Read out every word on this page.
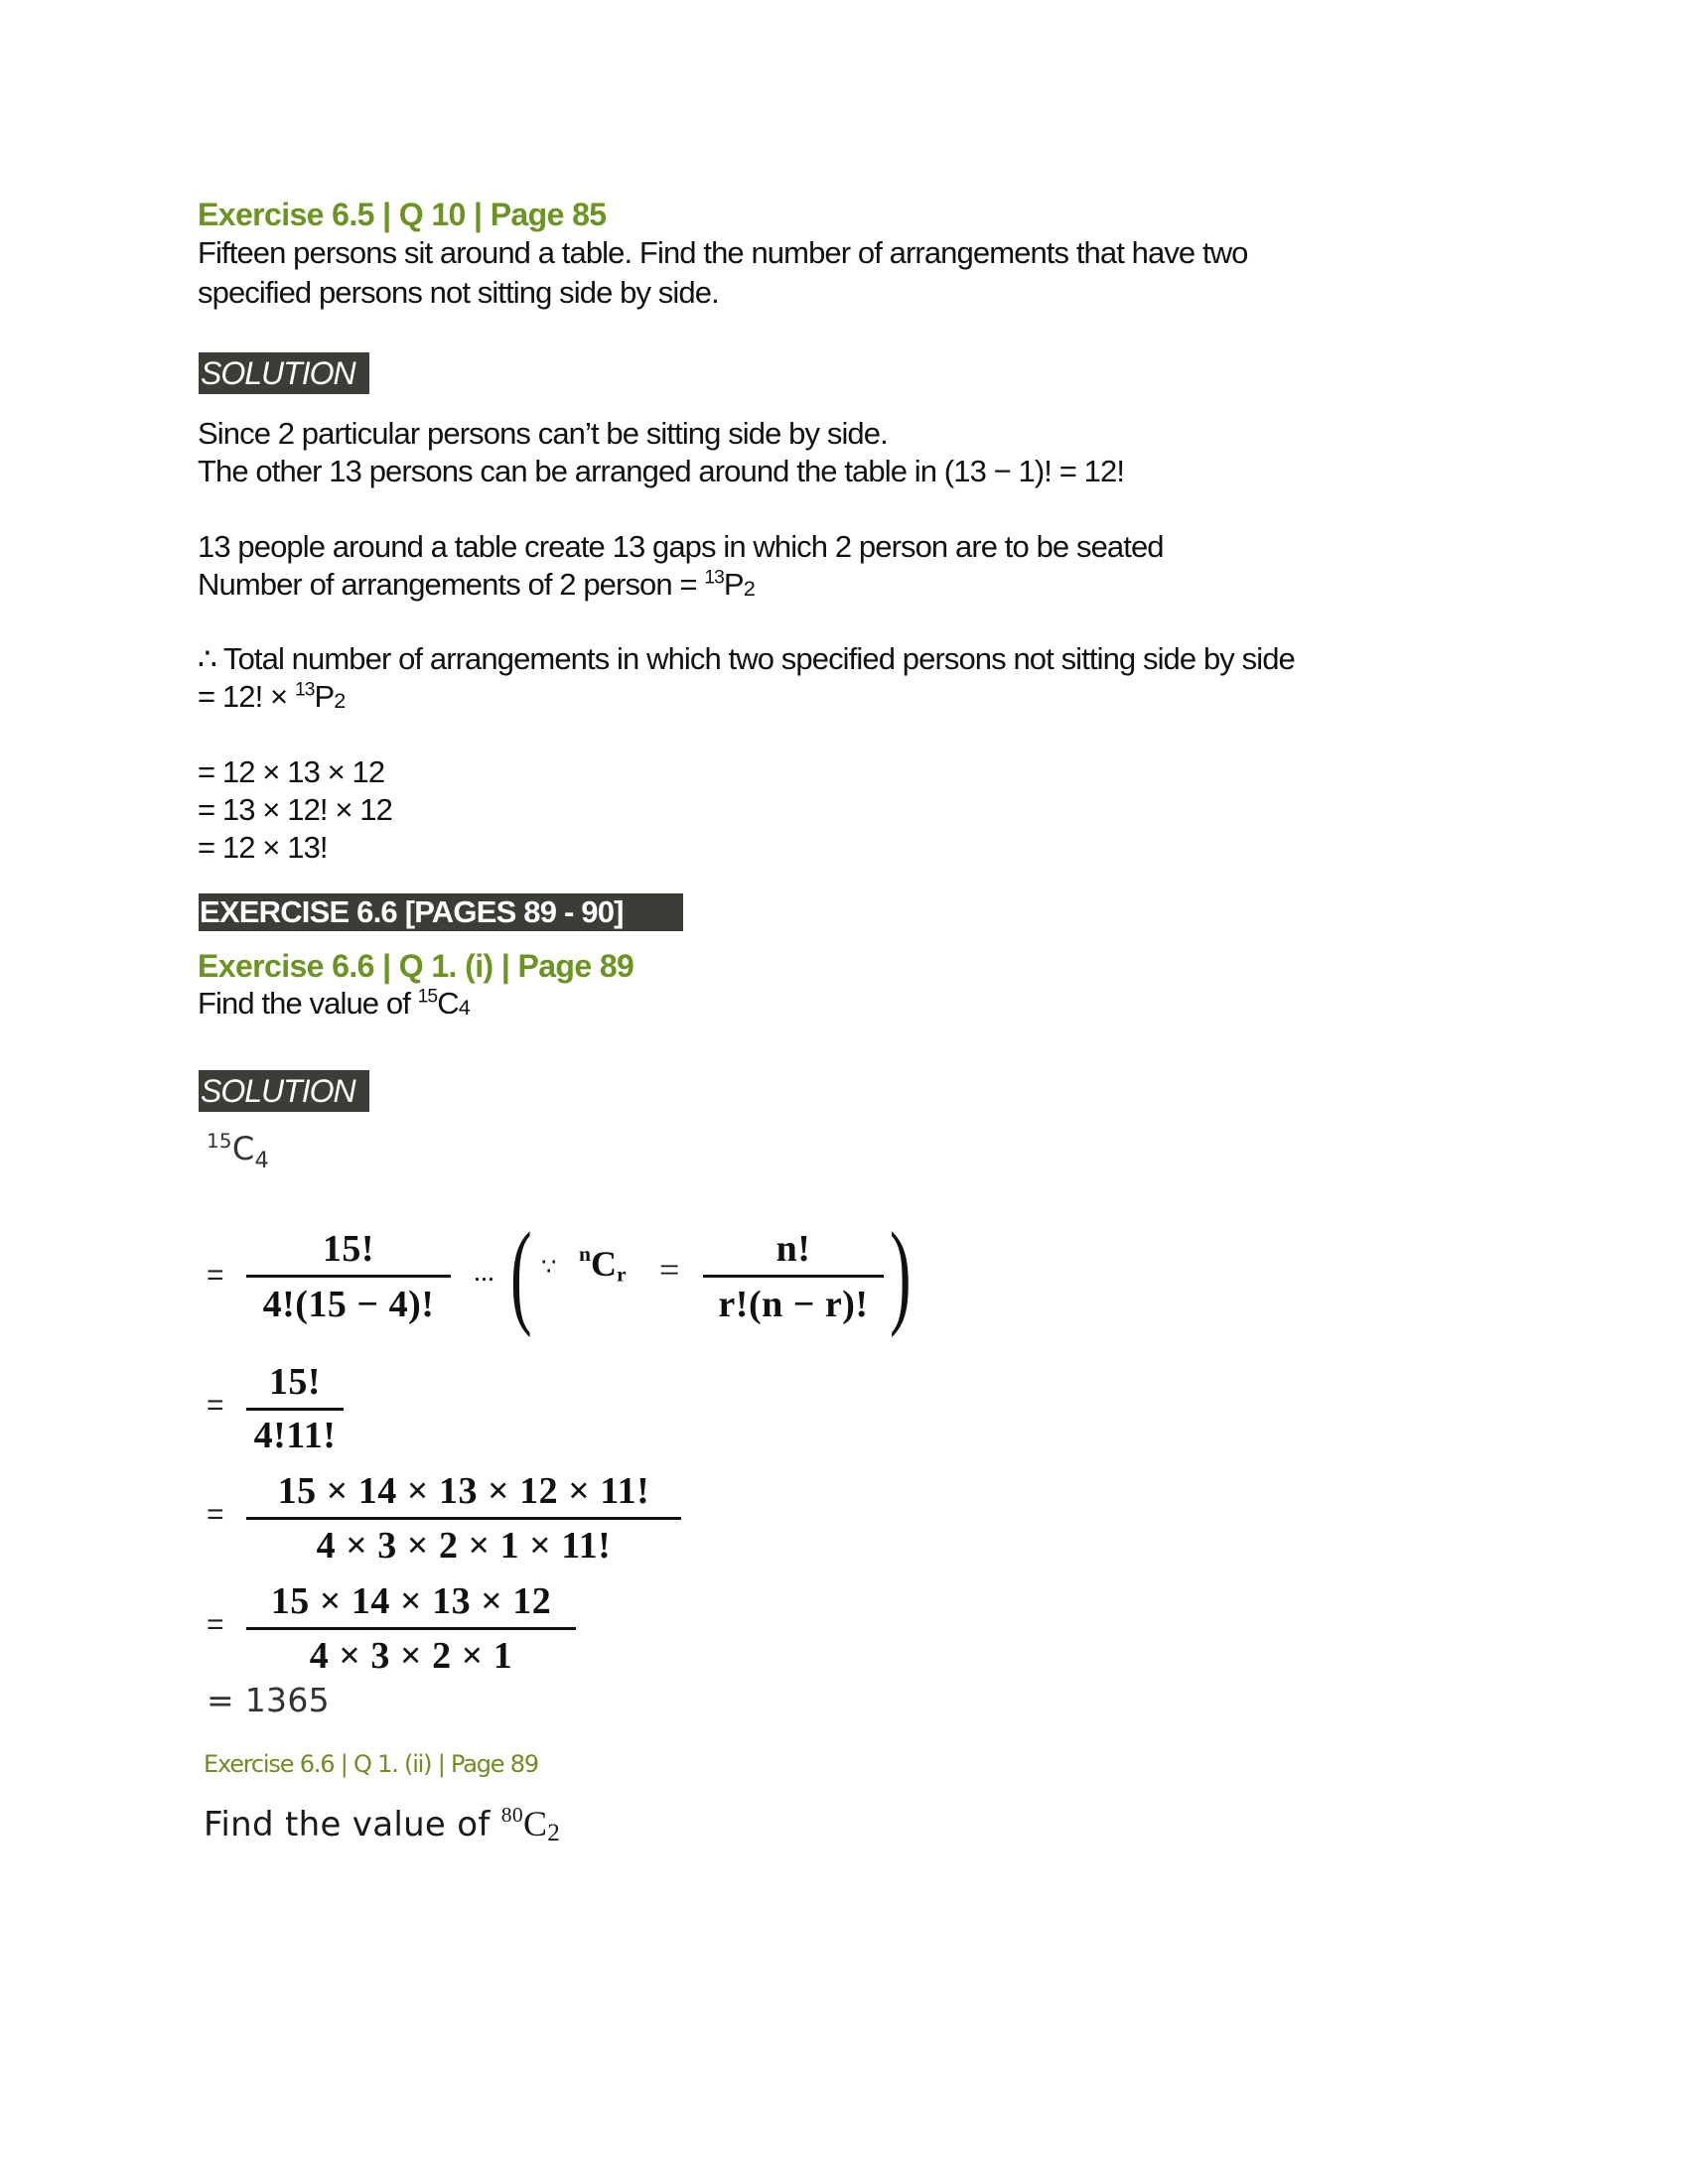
Exercise 6.5 | Q 10 | Page 85
Fifteen persons sit around a table. Find the number of arrangements that have two
specified persons not sitting side by side.
SOLUTION
Since 2 particular persons can’t be sitting side by side.
The other 13 persons can be arranged around the table in (13 − 1)! = 12!
13 people around a table create 13 gaps in which 2 person are to be seated
Number of arrangements of 2 person = $^{13}P_2$
∴ Total number of arrangements in which two specified persons not sitting side by side
= 12! × $^{13}P_2$
= 12 × 13 × 12
= 13 × 12! × 12
= 12 × 13!
EXERCISE 6.6 [PAGES 89 - 90]
Exercise 6.6 | Q 1. (i) | Page 89
Find the value of $^{15}C_4$
SOLUTION
$^{15}C_4$
=
15!
4!(15 − 4)!
... ( ∵ $^nC_r$ =	n!
r!(n − r)! )
=
15!
4!11!
=
15 × 14 × 13 × 12 × 11!
4 × 3 × 2 × 1 × 11!
=
15 × 14 × 13 × 12
4 × 3 × 2 × 1
= 1365
Exercise 6.6 | Q 1. (ii) | Page 89
Find the value of $^{80}C_2$
